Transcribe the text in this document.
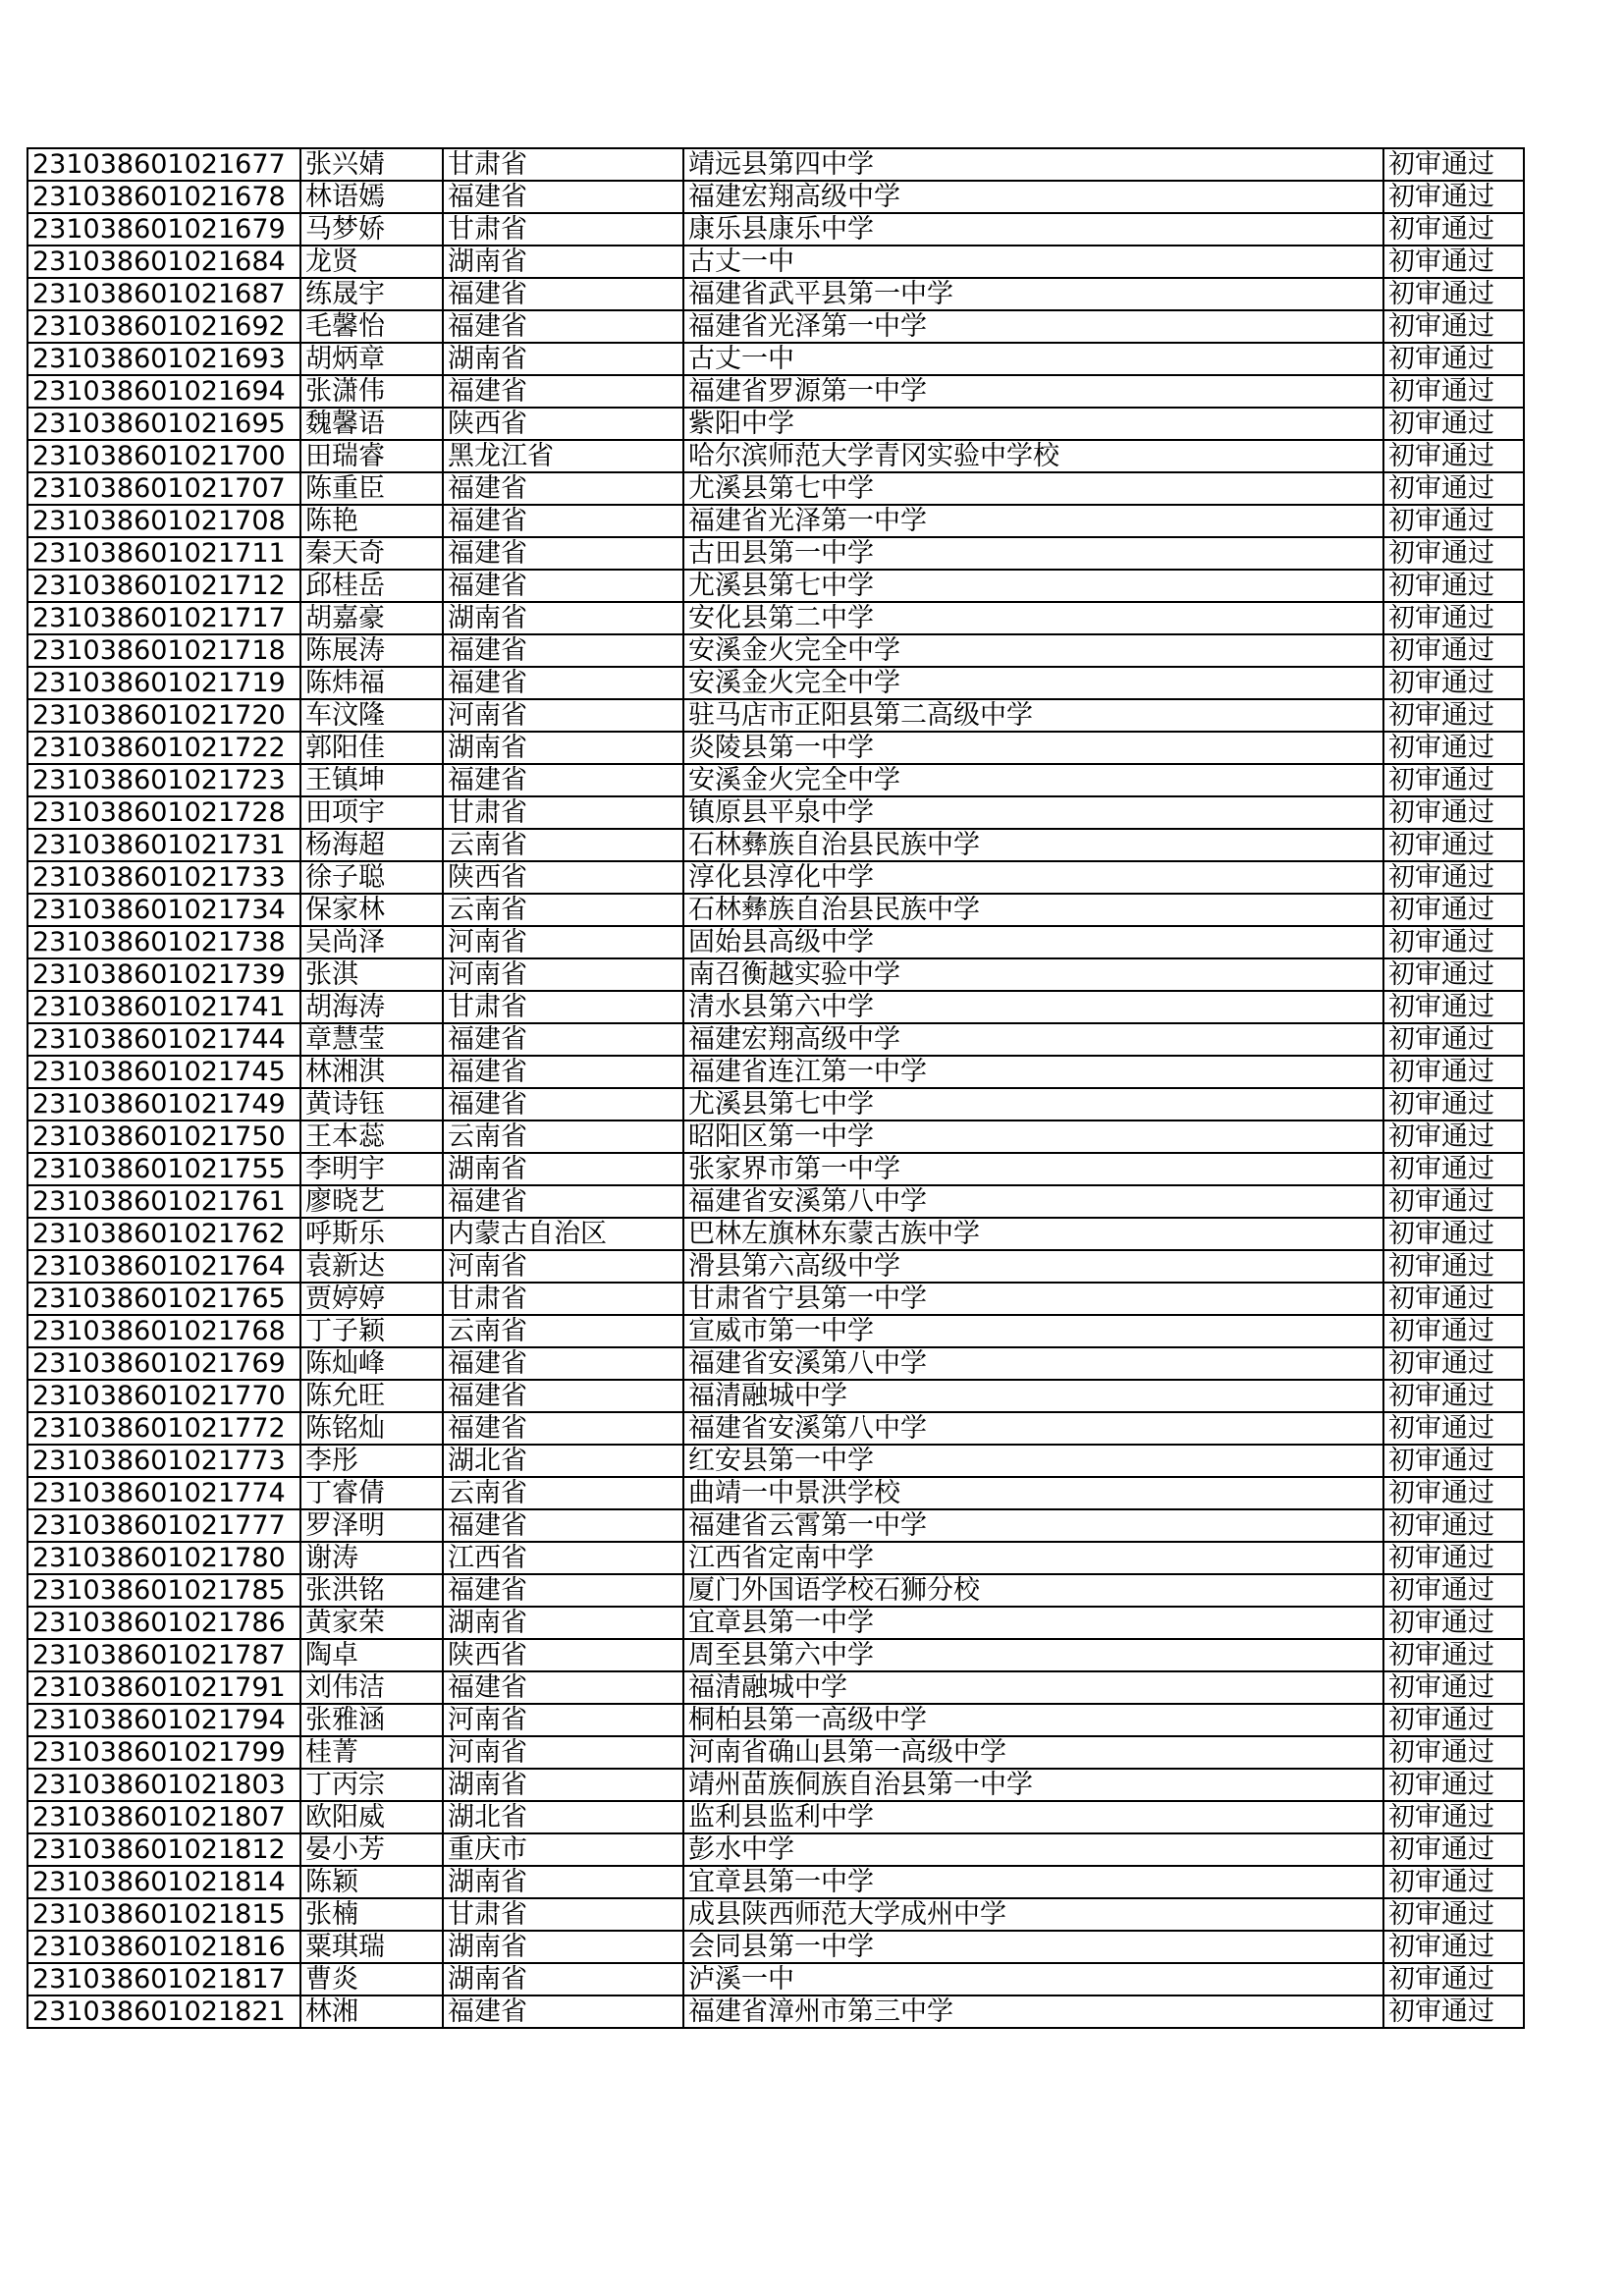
231038601021677	张兴婧	甘肃省	靖远县第四中学	初审通过
231038601021678	林语嫣	福建省	福建宏翔高级中学	初审通过
231038601021679	马梦娇	甘肃省	康乐县康乐中学	初审通过
231038601021684	龙贤	湖南省	古丈一中	初审通过
231038601021687	练晟宇	福建省	福建省武平县第一中学	初审通过
231038601021692	毛馨怡	福建省	福建省光泽第一中学	初审通过
231038601021693	胡炳章	湖南省	古丈一中	初审通过
231038601021694	张潇伟	福建省	福建省罗源第一中学	初审通过
231038601021695	魏馨语	陕西省	紫阳中学	初审通过
231038601021700	田瑞睿	黑龙江省	哈尔滨师范大学青冈实验中学校	初审通过
231038601021707	陈重臣	福建省	尤溪县第七中学	初审通过
231038601021708	陈艳	福建省	福建省光泽第一中学	初审通过
231038601021711	秦天奇	福建省	古田县第一中学	初审通过
231038601021712	邱桂岳	福建省	尤溪县第七中学	初审通过
231038601021717	胡嘉豪	湖南省	安化县第二中学	初审通过
231038601021718	陈展涛	福建省	安溪金火完全中学	初审通过
231038601021719	陈炜福	福建省	安溪金火完全中学	初审通过
231038601021720	车汶隆	河南省	驻马店市正阳县第二高级中学	初审通过
231038601021722	郭阳佳	湖南省	炎陵县第一中学	初审通过
231038601021723	王镇坤	福建省	安溪金火完全中学	初审通过
231038601021728	田项宇	甘肃省	镇原县平泉中学	初审通过
231038601021731	杨海超	云南省	石林彝族自治县民族中学	初审通过
231038601021733	徐子聪	陕西省	淳化县淳化中学	初审通过
231038601021734	保家林	云南省	石林彝族自治县民族中学	初审通过
231038601021738	吴尚泽	河南省	固始县高级中学	初审通过
231038601021739	张淇	河南省	南召衡越实验中学	初审通过
231038601021741	胡海涛	甘肃省	清水县第六中学	初审通过
231038601021744	章慧莹	福建省	福建宏翔高级中学	初审通过
231038601021745	林湘淇	福建省	福建省连江第一中学	初审通过
231038601021749	黄诗钰	福建省	尤溪县第七中学	初审通过
231038601021750	王本蕊	云南省	昭阳区第一中学	初审通过
231038601021755	李明宇	湖南省	张家界市第一中学	初审通过
231038601021761	廖晓艺	福建省	福建省安溪第八中学	初审通过
231038601021762	呼斯乐	内蒙古自治区	巴林左旗林东蒙古族中学	初审通过
231038601021764	袁新达	河南省	滑县第六高级中学	初审通过
231038601021765	贾婷婷	甘肃省	甘肃省宁县第一中学	初审通过
231038601021768	丁子颖	云南省	宣威市第一中学	初审通过
231038601021769	陈灿峰	福建省	福建省安溪第八中学	初审通过
231038601021770	陈允旺	福建省	福清融城中学	初审通过
231038601021772	陈铭灿	福建省	福建省安溪第八中学	初审通过
231038601021773	李彤	湖北省	红安县第一中学	初审通过
231038601021774	丁睿倩	云南省	曲靖一中景洪学校	初审通过
231038601021777	罗泽明	福建省	福建省云霄第一中学	初审通过
231038601021780	谢涛	江西省	江西省定南中学	初审通过
231038601021785	张洪铭	福建省	厦门外国语学校石狮分校	初审通过
231038601021786	黄家荣	湖南省	宜章县第一中学	初审通过
231038601021787	陶卓	陕西省	周至县第六中学	初审通过
231038601021791	刘伟洁	福建省	福清融城中学	初审通过
231038601021794	张雅涵	河南省	桐柏县第一高级中学	初审通过
231038601021799	桂菁	河南省	河南省确山县第一高级中学	初审通过
231038601021803	丁丙宗	湖南省	靖州苗族侗族自治县第一中学	初审通过
231038601021807	欧阳威	湖北省	监利县监利中学	初审通过
231038601021812	晏小芳	重庆市	彭水中学	初审通过
231038601021814	陈颖	湖南省	宜章县第一中学	初审通过
231038601021815	张楠	甘肃省	成县陕西师范大学成州中学	初审通过
231038601021816	粟琪瑞	湖南省	会同县第一中学	初审通过
231038601021817	曹炎	湖南省	泸溪一中	初审通过
231038601021821	林湘	福建省	福建省漳州市第三中学	初审通过
